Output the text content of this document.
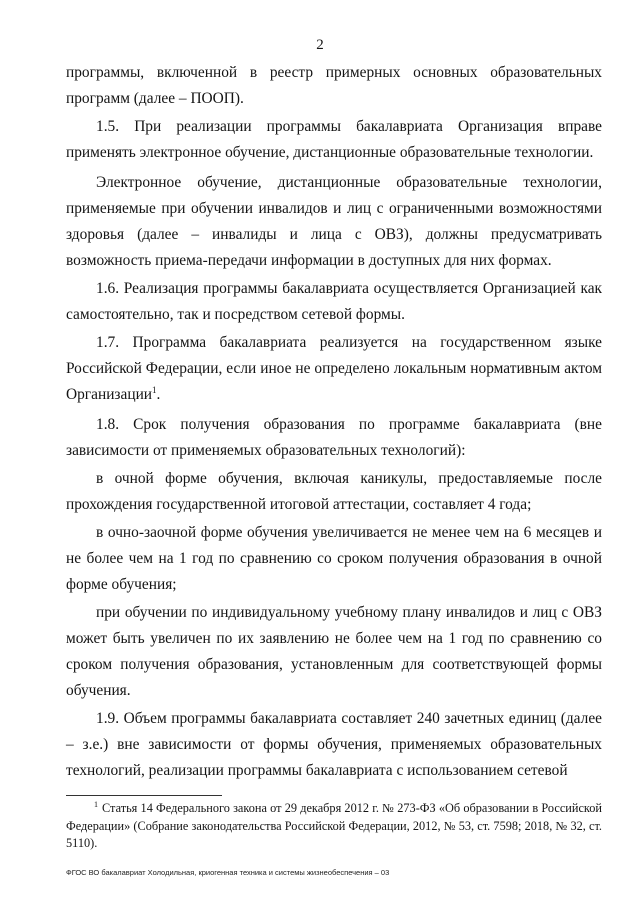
2

программы, включенной в реестр примерных основных образовательных программ (далее – ПООП).

1.5. При реализации программы бакалавриата Организация вправе применять электронное обучение, дистанционные образовательные технологии.

Электронное обучение, дистанционные образовательные технологии, применяемые при обучении инвалидов и лиц с ограниченными возможностями здоровья (далее – инвалиды и лица с ОВЗ), должны предусматривать возможность приема-передачи информации в доступных для них формах.

1.6. Реализация программы бакалавриата осуществляется Организацией как самостоятельно, так и посредством сетевой формы.

1.7. Программа бакалавриата реализуется на государственном языке Российской Федерации, если иное не определено локальным нормативным актом Организации$^1$.

1.8. Срок получения образования по программе бакалавриата (вне зависимости от применяемых образовательных технологий):

в очной форме обучения, включая каникулы, предоставляемые после прохождения государственной итоговой аттестации, составляет 4 года;

в очно-заочной форме обучения увеличивается не менее чем на 6 месяцев и не более чем на 1 год по сравнению со сроком получения образования в очной форме обучения;

при обучении по индивидуальному учебному плану инвалидов и лиц с ОВЗ может быть увеличен по их заявлению не более чем на 1 год по сравнению со сроком получения образования, установленным для соответствующей формы обучения.

1.9. Объем программы бакалавриата составляет 240 зачетных единиц (далее – з.е.) вне зависимости от формы обучения, применяемых образовательных технологий, реализации программы бакалавриата с использованием сетевой

$^1$ Статья 14 Федерального закона от 29 декабря 2012 г. № 273-ФЗ «Об образовании в Российской Федерации» (Собрание законодательства Российской Федерации, 2012, № 53, ст. 7598; 2018, № 32, ст. 5110).

ФГОС ВО бакалавриат Холодильная, криогенная техника и системы жизнеобеспечения – 03
